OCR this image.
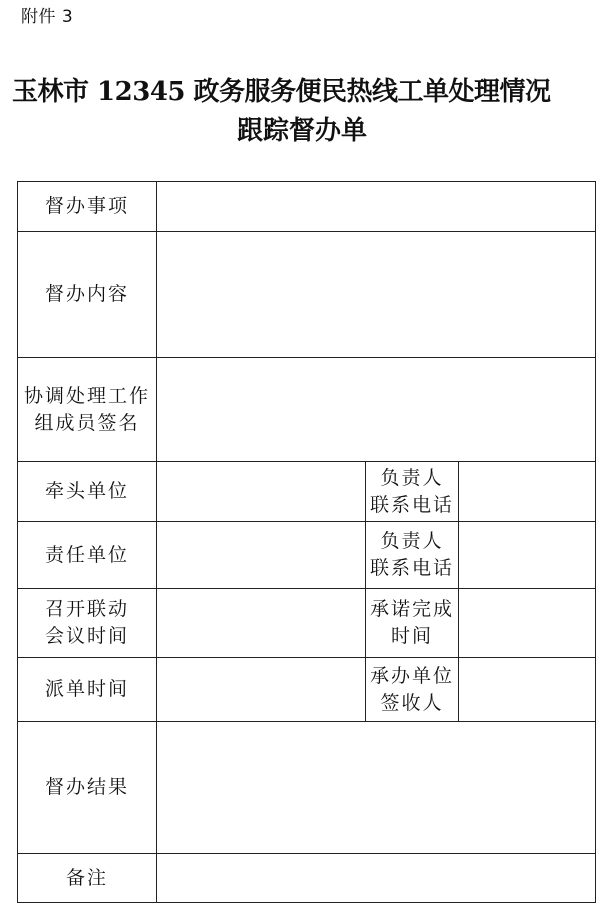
附件 3
玉林市 12345 政务服务便民热线工单处理情况
跟踪督办单
督办事项
督办内容
协调处理工作
组成员签名
牵头单位
负责人
联系电话
责任单位
负责人
联系电话
召开联动
会议时间
承诺完成
时间
派单时间
承办单位
签收人
督办结果
备注
